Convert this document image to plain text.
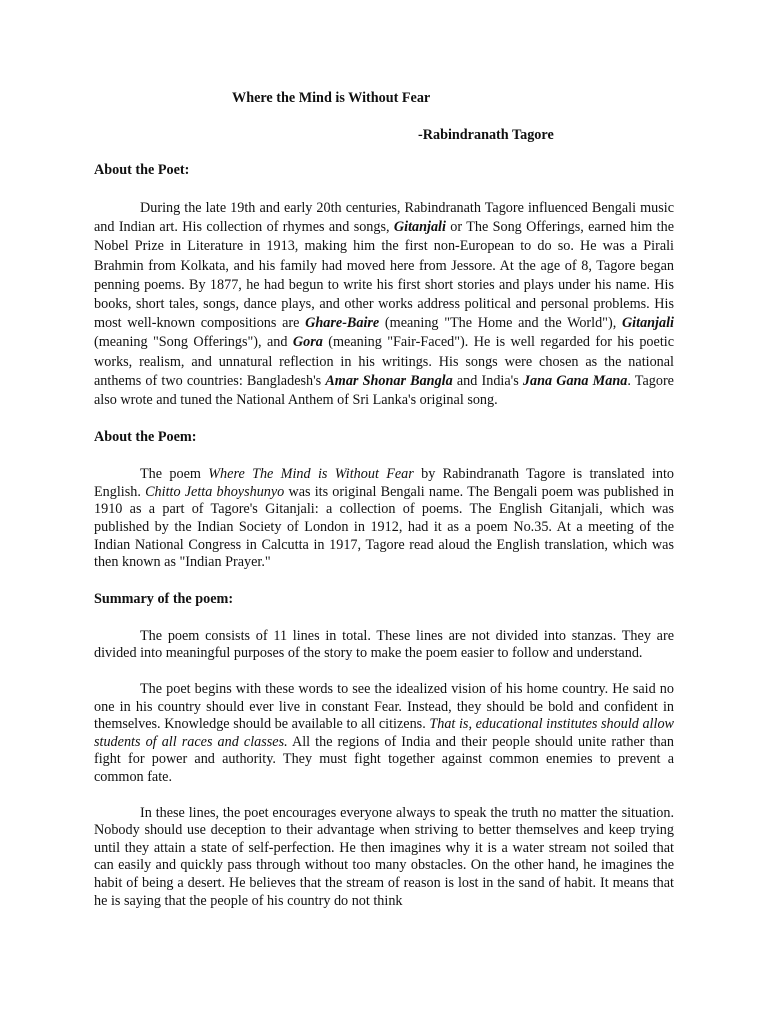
Where the Mind is Without Fear
-Rabindranath Tagore
About the Poet:

During the late 19th and early 20th centuries, Rabindranath Tagore influenced Bengali music and Indian art. His collection of rhymes and songs, Gitanjali or The Song Offerings, earned him the Nobel Prize in Literature in 1913, making him the first non-European to do so. He was a Pirali Brahmin from Kolkata, and his family had moved here from Jessore. At the age of 8, Tagore began penning poems. By 1877, he had begun to write his first short stories and plays under his name. His books, short tales, songs, dance plays, and other works address political and personal problems. His most well-known compositions are Ghare-Baire (meaning "The Home and the World"), Gitanjali (meaning "Song Offerings"), and Gora (meaning "Fair-Faced"). He is well regarded for his poetic works, realism, and unnatural reflection in his writings. His songs were chosen as the national anthems of two countries: Bangladesh's Amar Shonar Bangla and India's Jana Gana Mana. Tagore also wrote and tuned the National Anthem of Sri Lanka's original song.

About the Poem:

The poem Where The Mind is Without Fear by Rabindranath Tagore is translated into English. Chitto Jetta bhoyshunyo was its original Bengali name. The Bengali poem was published in 1910 as a part of Tagore's Gitanjali: a collection of poems. The English Gitanjali, which was published by the Indian Society of London in 1912, had it as a poem No.35. At a meeting of the Indian National Congress in Calcutta in 1917, Tagore read aloud the English translation, which was then known as "Indian Prayer."

Summary of the poem:

The poem consists of 11 lines in total. These lines are not divided into stanzas. They are divided into meaningful purposes of the story to make the poem easier to follow and understand.

The poet begins with these words to see the idealized vision of his home country. He said no one in his country should ever live in constant Fear. Instead, they should be bold and confident in themselves. Knowledge should be available to all citizens. That is, educational institutes should allow students of all races and classes. All the regions of India and their people should unite rather than fight for power and authority. They must fight together against common enemies to prevent a common fate.

In these lines, the poet encourages everyone always to speak the truth no matter the situation. Nobody should use deception to their advantage when striving to better themselves and keep trying until they attain a state of self-perfection. He then imagines why it is a water stream not soiled that can easily and quickly pass through without too many obstacles. On the other hand, he imagines the habit of being a desert. He believes that the stream of reason is lost in the sand of habit. It means that he is saying that the people of his country do not think
